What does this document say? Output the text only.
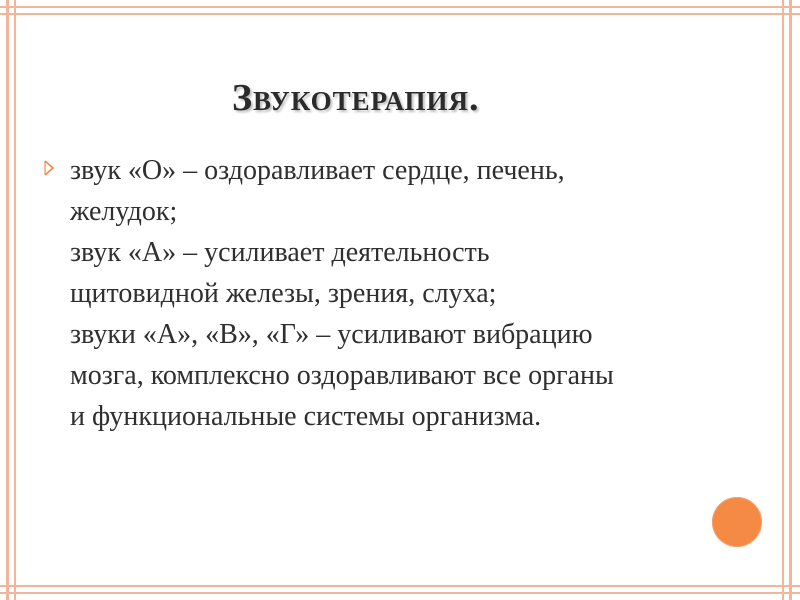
Звукотерапия.
звук «О» – оздоравливает сердце, печень,
желудок;
звук «А» – усиливает деятельность
щитовидной железы, зрения, слуха;
звуки «А», «В», «Г» – усиливают вибрацию
мозга, комплексно оздоравливают все органы
и функциональные системы организма.
